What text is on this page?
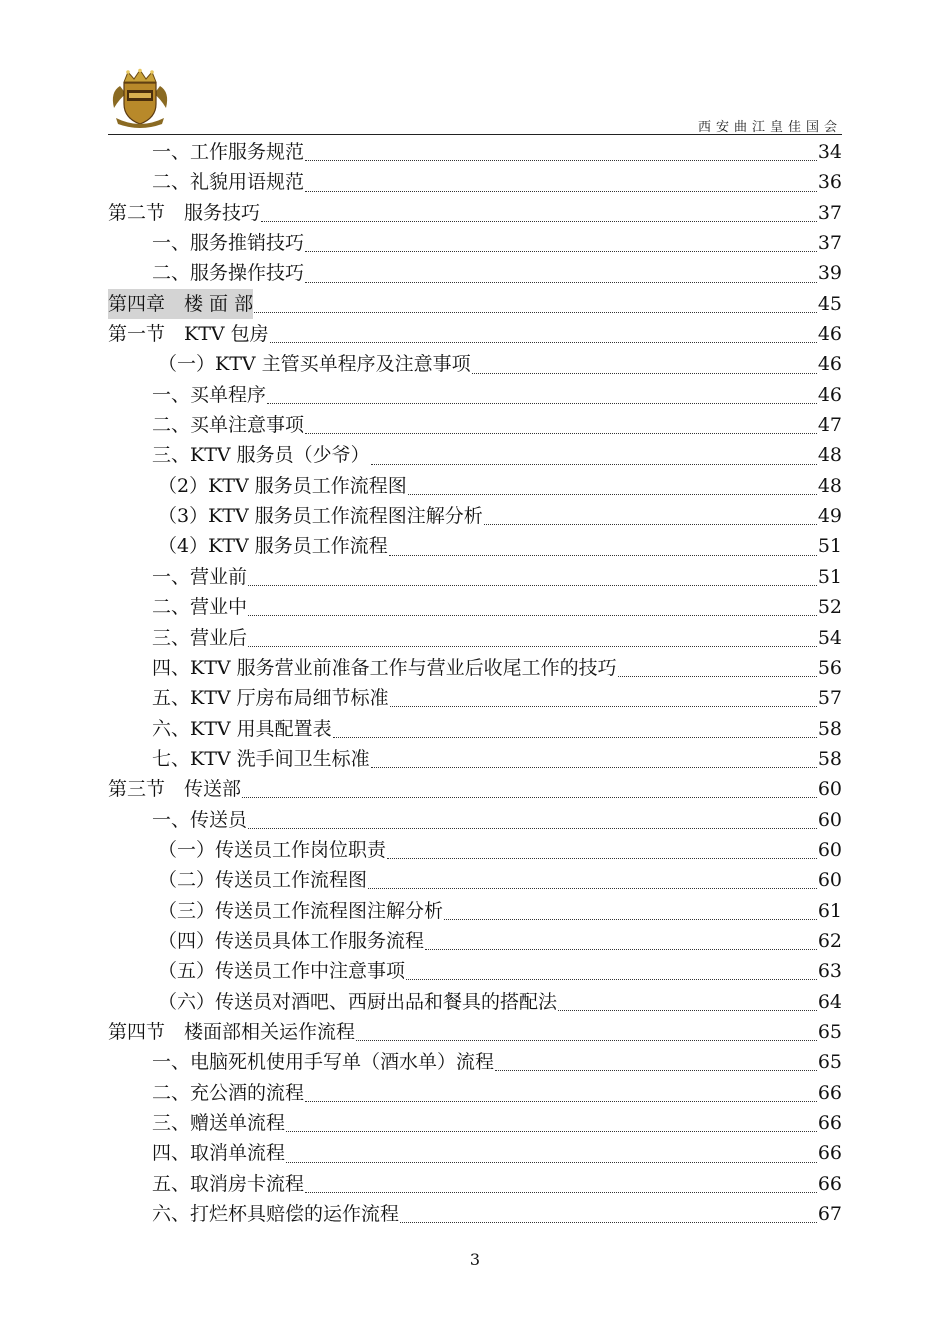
西安曲江皇佳国会
一、工作服务规范	34
二、礼貌用语规范	36
第二节　服务技巧	37
一、服务推销技巧	37
二、服务操作技巧	39
第四章　楼 面 部	45
第一节　KTV 包房	46
（一）KTV 主管买单程序及注意事项	46
一、买单程序	46
二、买单注意事项	47
三、KTV 服务员（少爷）	48
（2）KTV 服务员工作流程图	48
（3）KTV 服务员工作流程图注解分析	49
（4）KTV 服务员工作流程	51
一、营业前	51
二、营业中	52
三、营业后	54
四、KTV 服务营业前准备工作与营业后收尾工作的技巧	56
五、KTV 厅房布局细节标准	57
六、KTV 用具配置表	58
七、KTV 洗手间卫生标准	58
第三节　传送部	60
一、传送员	60
（一）传送员工作岗位职责	60
（二）传送员工作流程图	60
（三）传送员工作流程图注解分析	61
（四）传送员具体工作服务流程	62
（五）传送员工作中注意事项	63
（六）传送员对酒吧、西厨出品和餐具的搭配法	64
第四节　楼面部相关运作流程	65
一、电脑死机使用手写单（酒水单）流程	65
二、充公酒的流程	66
三、赠送单流程	66
四、取消单流程	66
五、取消房卡流程	66
六、打烂杯具赔偿的运作流程	67
3
